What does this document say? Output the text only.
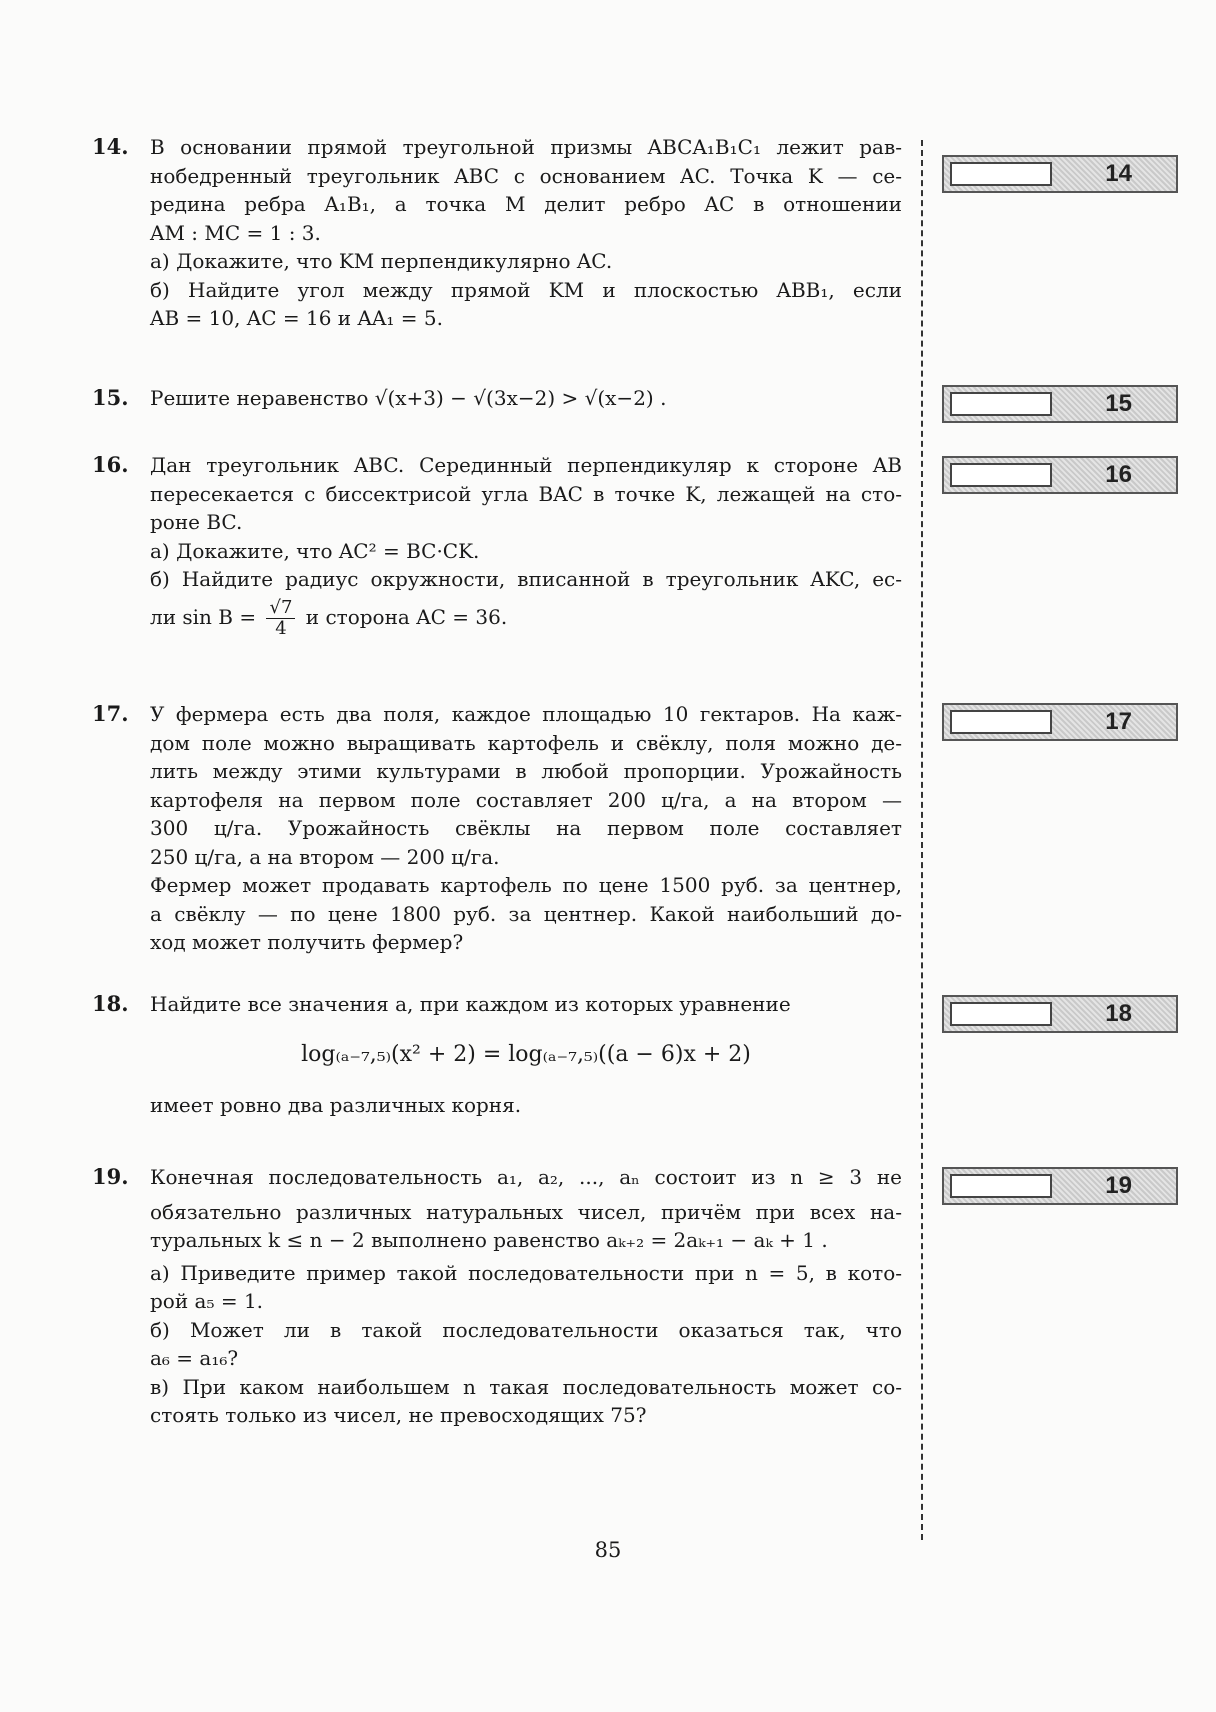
14. В основании прямой треугольной призмы ABCA₁B₁C₁ лежит рав-
нобедренный треугольник ABC с основанием AC. Точка K — се-
редина ребра A₁B₁, а точка M делит ребро AC в отношении
AM : MC = 1 : 3.
а) Докажите, что KM перпендикулярно AC.
б) Найдите угол между прямой KM и плоскостью ABB₁, если
AB = 10, AC = 16 и AA₁ = 5.
15. Решите неравенство √(x+3) − √(3x−2) > √(x−2) .
16. Дан треугольник ABC. Серединный перпендикуляр к стороне AB
пересекается с биссектрисой угла BAC в точке K, лежащей на сто-
роне BC.
а) Докажите, что AC² = BC·CK.
б) Найдите радиус окружности, вписанной в треугольник AKC, ес-
ли $\sin B = \frac{√7}{4}$ и сторона AC = 36.
17. У фермера есть два поля, каждое площадью 10 гектаров. На каж-
дом поле можно выращивать картофель и свёклу, поля можно де-
лить между этими культурами в любой пропорции. Урожайность
картофеля на первом поле составляет 200 ц/га, а на втором —
300 ц/га. Урожайность свёклы на первом поле составляет
250 ц/га, а на втором — 200 ц/га.
Фермер может продавать картофель по цене 1500 руб. за центнер,
а свёклу — по цене 1800 руб. за центнер. Какой наибольший до-
ход может получить фермер?
18. Найдите все значения a, при каждом из которых уравнение
log₍ₐ₋₇,₅₎(x² + 2) = log₍ₐ₋₇,₅₎((a − 6)x + 2)
имеет ровно два различных корня.
19. Конечная последовательность a₁, a₂, ..., aₙ состоит из n ≥ 3 не
обязательно различных натуральных чисел, причём при всех на-
туральных k ≤ n − 2 выполнено равенство aₖ₊₂ = 2aₖ₊₁ − aₖ + 1 .
а) Приведите пример такой последовательности при n = 5, в кото-
рой a₅ = 1.
б) Может ли в такой последовательности оказаться так, что
a₆ = a₁₆?
в) При каком наибольшем n такая последовательность может со-
стоять только из чисел, не превосходящих 75?
14
15
16
17
18
19
85
